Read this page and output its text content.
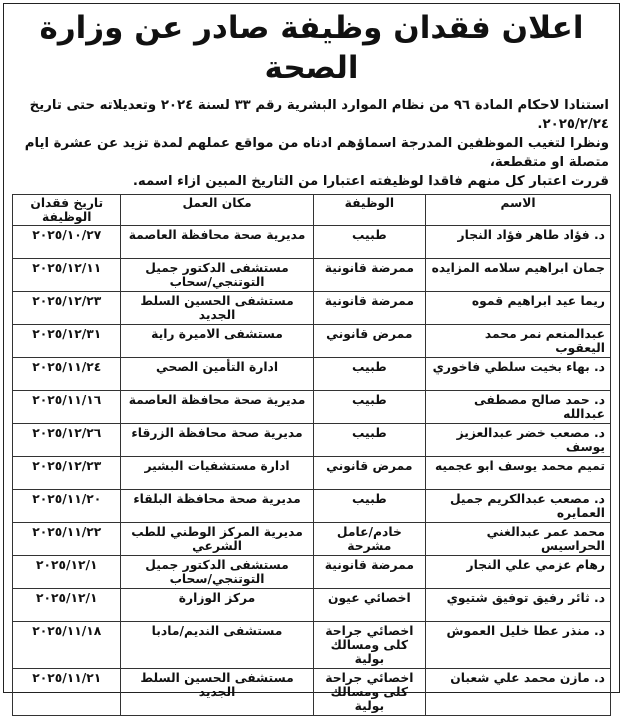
اعلان فقدان وظيفة صادر عن وزارة الصحة
استنادا لاحكام المادة ٩٦ من نظام الموارد البشرية رقم ٣٣ لسنة ٢٠٢٤ وتعديلاته حتى تاريخ ٢٠٢٥/٢/٢٤.
ونظرا لتغيب الموظفين المدرجة اسماؤهم ادناه من مواقع عملهم لمدة تزيد عن عشرة ايام متصلة او متقطعة،
قررت اعتبار كل منهم فاقدا لوظيفته اعتبارا من التاريخ المبين ازاء اسمه.
الاسم	الوظيفة	مكان العمل	تاريخ فقدان الوظيفة
د. فؤاد طاهر فؤاد النجار	طبيب	مديرية صحة محافظة العاصمة	٢٠٢٥/١٠/٢٧
جمان ابراهيم سلامه المزايده	ممرضة قانونية	مستشفى الدكتور جميل التوتنجي/سحاب	٢٠٢٥/١٢/١١
ريما عيد ابراهيم قموه	ممرضة قانونية	مستشفى الحسين السلط الجديد	٢٠٢٥/١٢/٢٣
عبدالمنعم نمر محمد اليعقوب	ممرض قانوني	مستشفى الاميرة راية	٢٠٢٥/١٢/٣١
د. بهاء بخيت سلطي فاخوري	طبيب	ادارة التأمين الصحي	٢٠٢٥/١١/٢٤
د. حمد صالح مصطفى عبدالله	طبيب	مديرية صحة محافظة العاصمة	٢٠٢٥/١١/١٦
د. مصعب خضر عبدالعزيز يوسف	طبيب	مديرية صحة محافظة الزرقاء	٢٠٢٥/١٢/٢٦
تميم محمد يوسف ابو عجميه	ممرض قانوني	ادارة مستشفيات البشير	٢٠٢٥/١٢/٢٣
د. مصعب عبدالكريم جميل العمايره	طبيب	مديرية صحة محافظة البلقاء	٢٠٢٥/١١/٢٠
محمد عمر عبدالغني الحراسيس	خادم/عامل مشرحة	مديرية المركز الوطني للطب الشرعي	٢٠٢٥/١١/٢٢
رهام عزمي علي النجار	ممرضة قانونية	مستشفى الدكتور جميل التوتنجي/سحاب	٢٠٢٥/١٢/١
د. ثائر رفيق توفيق شتيوي	اخصائي عيون	مركز الوزارة	٢٠٢٥/١٢/١
د. منذر عطا خليل العموش	اخصائي جراحة كلى ومسالك بولية	مستشفى النديم/مادبا	٢٠٢٥/١١/١٨
د. مازن محمد علي شعبان	اخصائي جراحة كلى ومسالك بولية	مستشفى الحسين السلط الجديد	٢٠٢٥/١١/٢١
